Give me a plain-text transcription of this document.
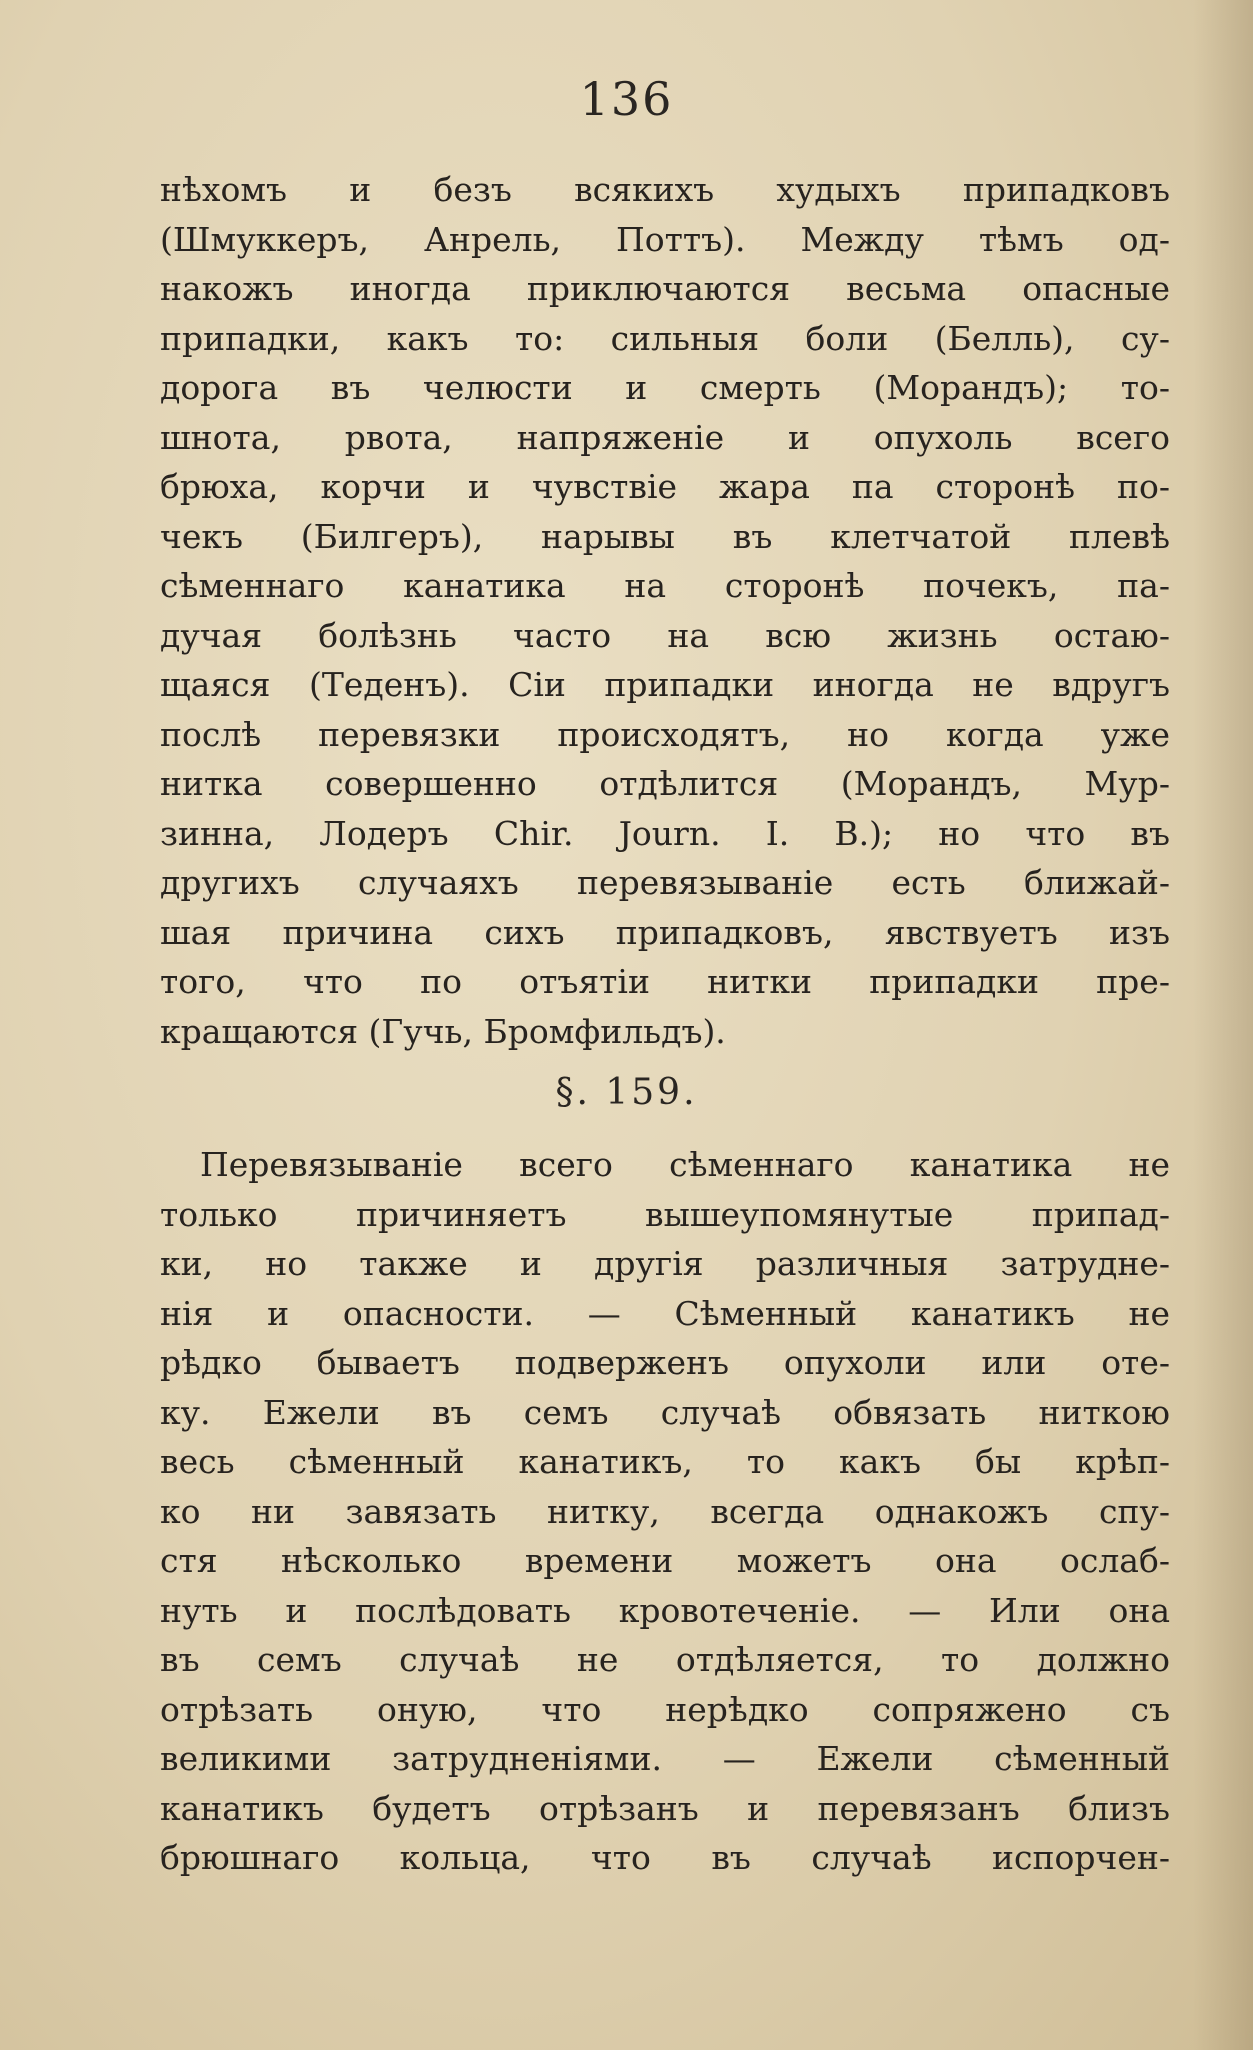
136
нѣхомъ и безъ всякихъ худыхъ припадковъ
(Шмуккеръ, Анрель, Поттъ). Между тѣмъ од-
накожъ иногда приключаются весьма опасные
припадки, какъ то: сильныя боли (Белль), су-
дорога въ челюсти и смерть (Морандъ); то-
шнота, рвота, напряженіе и опухоль всего
брюха, корчи и чувствіе жара па сторонѣ по-
чекъ (Билгеръ), нарывы въ клетчатой плевѣ
сѣменнаго канатика на сторонѣ почекъ, па-
дучая болѣзнь часто на всю жизнь остаю-
щаяся (Теденъ). Сіи припадки иногда не вдругъ
послѣ перевязки происходятъ, но когда уже
нитка совершенно отдѣлится (Морандъ, Мур-
зинна, Лодеръ Chir. Journ. I. B.); но что въ
другихъ случаяхъ перевязываніе есть ближай-
шая причина сихъ припадковъ, явствуетъ изъ
того, что по отъятіи нитки припадки пре-
кращаются (Гучь, Бромфильдъ).
§. 159.
Перевязываніе всего сѣменнаго канатика не
только причиняетъ вышеупомянутые припад-
ки, но также и другія различныя затрудне-
нія и опасности. — Сѣменный канатикъ не
рѣдко бываетъ подверженъ опухоли или оте-
ку. Ежели въ семъ случаѣ обвязать ниткою
весь сѣменный канатикъ, то какъ бы крѣп-
ко ни завязать нитку, всегда однакожъ спу-
стя нѣсколько времени можетъ она ослаб-
нуть и послѣдовать кровотеченіе. — Или она
въ семъ случаѣ не отдѣляется, то должно
отрѣзать оную, что нерѣдко сопряжено съ
великими затрудненіями. — Ежели сѣменный
канатикъ будетъ отрѣзанъ и перевязанъ близъ
брюшнаго кольца, что въ случаѣ испорчен-
